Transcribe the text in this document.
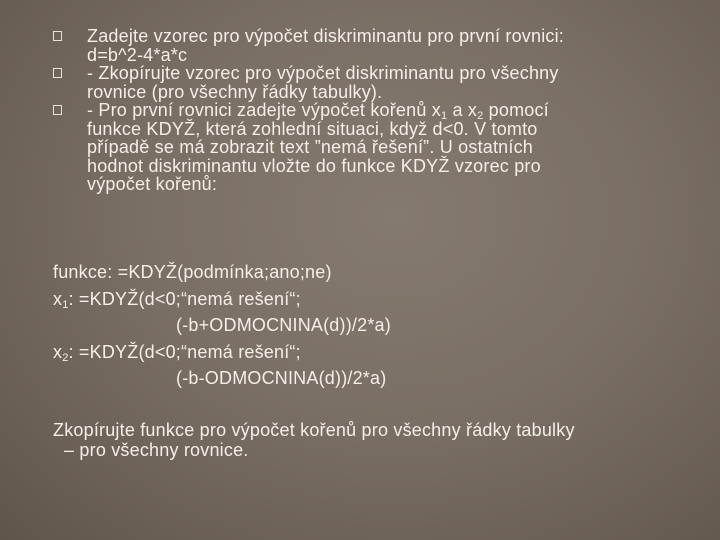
Zadejte vzorec pro výpočet diskriminantu pro první rovnici:
d=b^2-4*a*c
- Zkopírujte vzorec pro výpočet diskriminantu pro všechny
rovnice (pro všechny řádky tabulky).
- Pro první rovnici zadejte výpočet kořenů $x_1$ a $x_2$ pomocí
funkce KDYŽ, která zohlední situaci, když d<0. V tomto
případě se má zobrazit text ”nemá řešení”. U ostatních
hodnot diskriminantu vložte do funkce KDYŽ vzorec pro
výpočet kořenů:
funkce: =KDYŽ(podmínka;ano;ne)
$x_1$: =KDYŽ(d<0;“nemá rešení“;
(-b+ODMOCNINA(d))/2*a)
$x_2$: =KDYŽ(d<0;“nemá rešení“;
(-b-ODMOCNINA(d))/2*a)
Zkopírujte funkce pro výpočet kořenů pro všechny řádky tabulky
– pro všechny rovnice.
